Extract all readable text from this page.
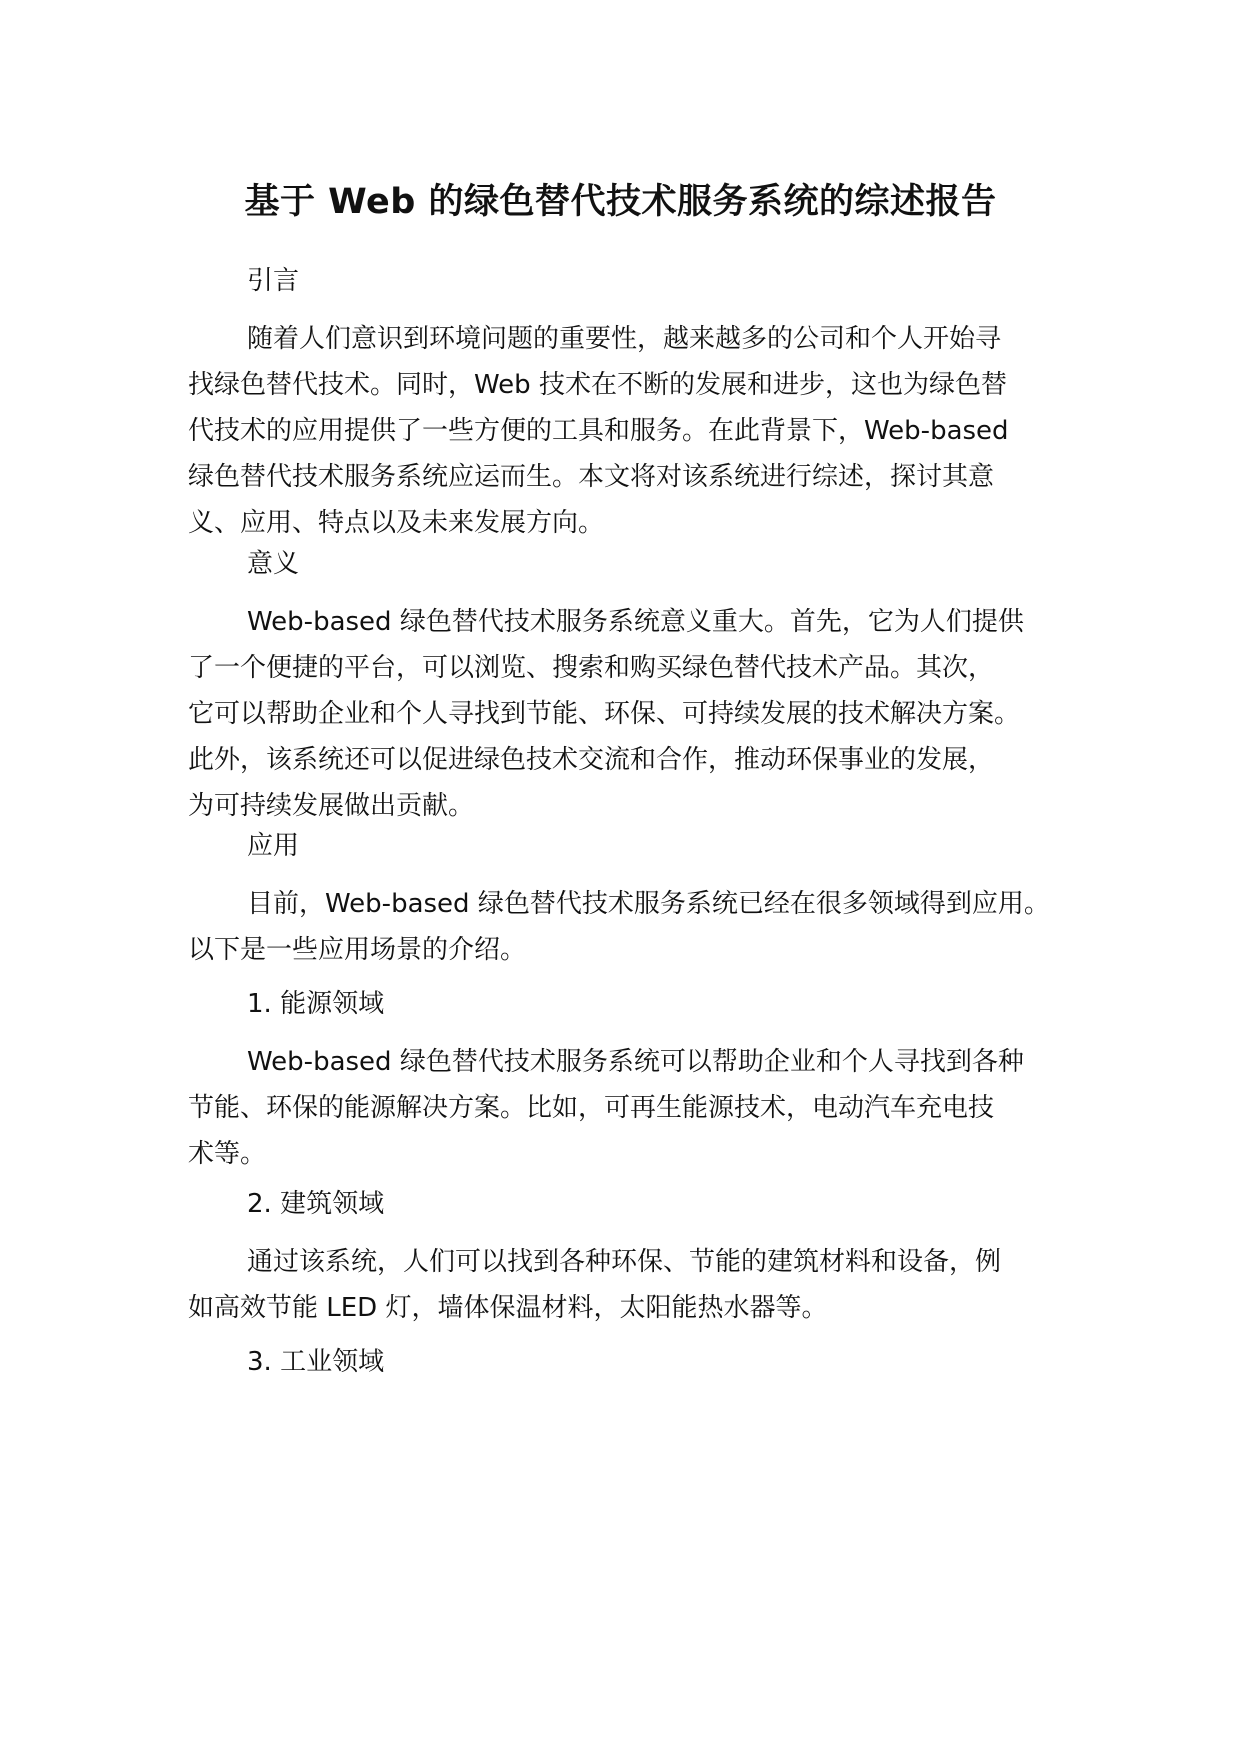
基于 Web 的绿色替代技术服务系统的综述报告

引言

随着人们意识到环境问题的重要性，越来越多的公司和个人开始寻
找绿色替代技术。同时，Web 技术在不断的发展和进步，这也为绿色替
代技术的应用提供了一些方便的工具和服务。在此背景下，Web-based
绿色替代技术服务系统应运而生。本文将对该系统进行综述，探讨其意
义、应用、特点以及未来发展方向。

意义

Web-based 绿色替代技术服务系统意义重大。首先，它为人们提供
了一个便捷的平台，可以浏览、搜索和购买绿色替代技术产品。其次，
它可以帮助企业和个人寻找到节能、环保、可持续发展的技术解决方案。
此外，该系统还可以促进绿色技术交流和合作，推动环保事业的发展，
为可持续发展做出贡献。

应用

目前，Web-based 绿色替代技术服务系统已经在很多领域得到应用。
以下是一些应用场景的介绍。

1. 能源领域

Web-based 绿色替代技术服务系统可以帮助企业和个人寻找到各种
节能、环保的能源解决方案。比如，可再生能源技术，电动汽车充电技
术等。

2. 建筑领域

通过该系统，人们可以找到各种环保、节能的建筑材料和设备，例
如高效节能 LED 灯，墙体保温材料，太阳能热水器等。

3. 工业领域
